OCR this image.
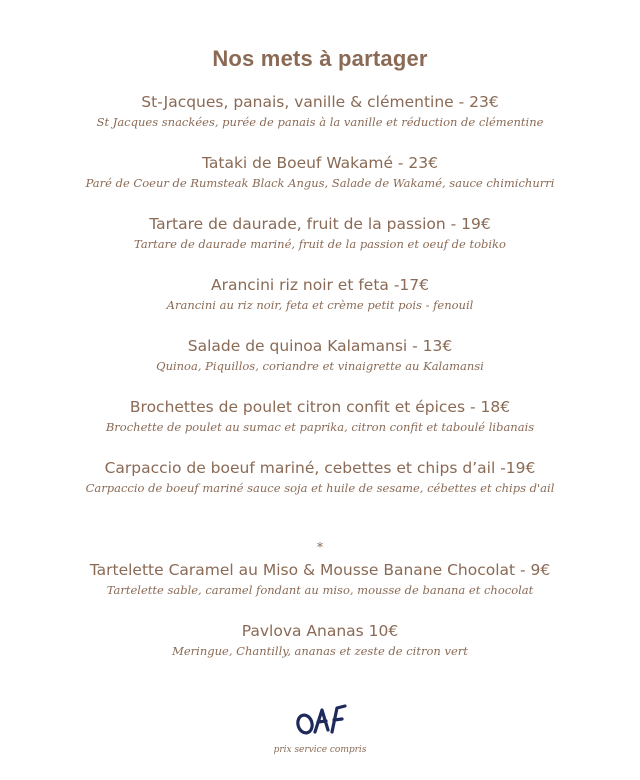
Nos mets à partager
St-Jacques, panais, vanille & clémentine - 23€
St Jacques snackées, purée de panais à la vanille et réduction de clémentine
Tataki de Boeuf Wakamé - 23€
Paré de Coeur de Rumsteak Black Angus, Salade de Wakamé, sauce chimichurri
Tartare de daurade, fruit de la passion - 19€
Tartare de daurade mariné, fruit de la passion et oeuf de tobiko
Arancini riz noir et feta -17€
Arancini au riz noir, feta et crème petit pois - fenouil
Salade de quinoa Kalamansi - 13€
Quinoa, Piquillos, coriandre et vinaigrette au Kalamansi
Brochettes de poulet citron confit et épices - 18€
Brochette de poulet au sumac et paprika, citron confit et taboulé libanais
Carpaccio de boeuf mariné, cebettes et chips d’ail -19€
Carpaccio de boeuf mariné sauce soja et huile de sesame, cébettes et chips d'ail
*
Tartelette Caramel au Miso & Mousse Banane Chocolat - 9€
Tartelette sable, caramel fondant au miso, mousse de banana et chocolat
Pavlova Ananas 10€
Meringue, Chantilly, ananas et zeste de citron vert
prix service compris
